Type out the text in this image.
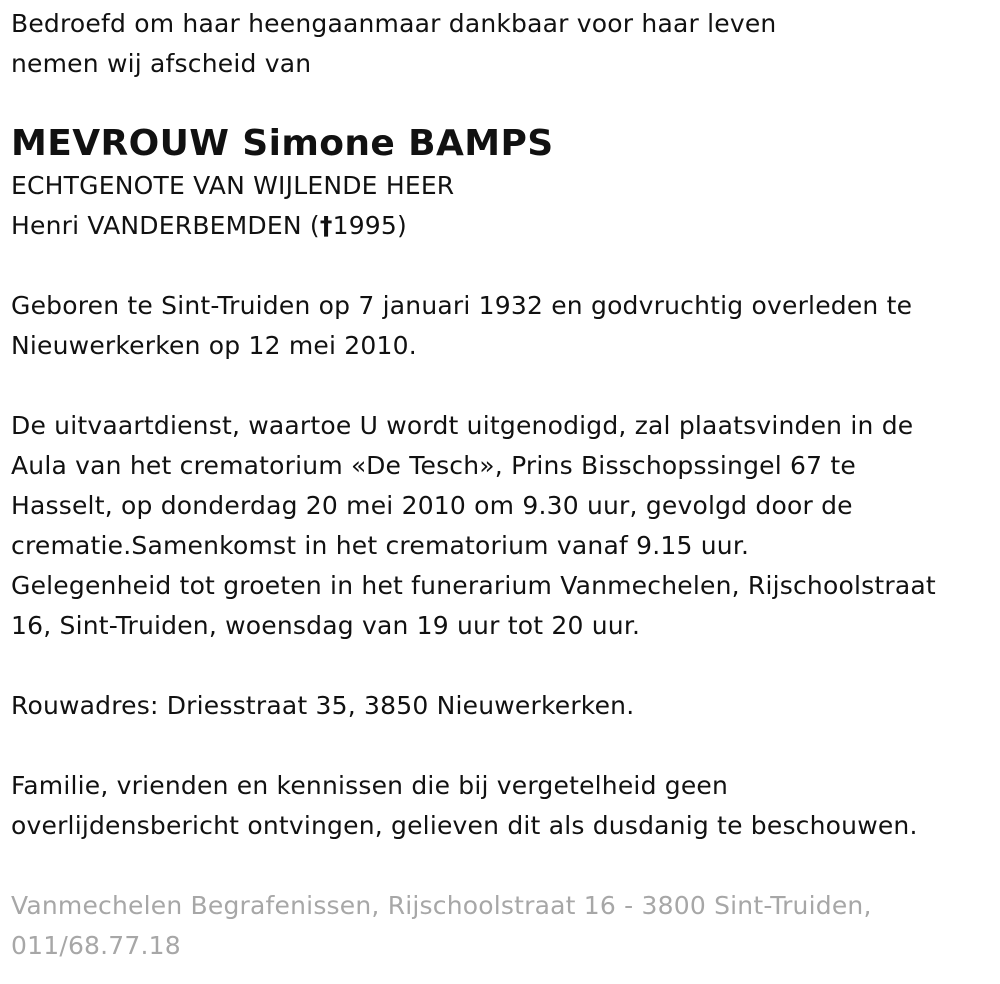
Bedroefd om haar heengaanmaar dankbaar voor haar leven
nemen wij afscheid van
MEVROUW Simone BAMPS
ECHTGENOTE VAN WIJLENDE HEER
Henri VANDERBEMDEN (†1995)
Geboren te Sint-Truiden op 7 januari 1932 en godvruchtig overleden te
Nieuwerkerken op 12 mei 2010.
De uitvaartdienst, waartoe U wordt uitgenodigd, zal plaatsvinden in de
Aula van het crematorium «De Tesch», Prins Bisschopssingel 67 te
Hasselt, op donderdag 20 mei 2010 om 9.30 uur, gevolgd door de
crematie.Samenkomst in het crematorium vanaf 9.15 uur.
Gelegenheid tot groeten in het funerarium Vanmechelen, Rijschoolstraat
16, Sint-Truiden, woensdag van 19 uur tot 20 uur.
Rouwadres: Driesstraat 35, 3850 Nieuwerkerken.
Familie, vrienden en kennissen die bij vergetelheid geen
overlijdensbericht ontvingen, gelieven dit als dusdanig te beschouwen.
Vanmechelen Begrafenissen, Rijschoolstraat 16 - 3800 Sint-Truiden,
011/68.77.18
